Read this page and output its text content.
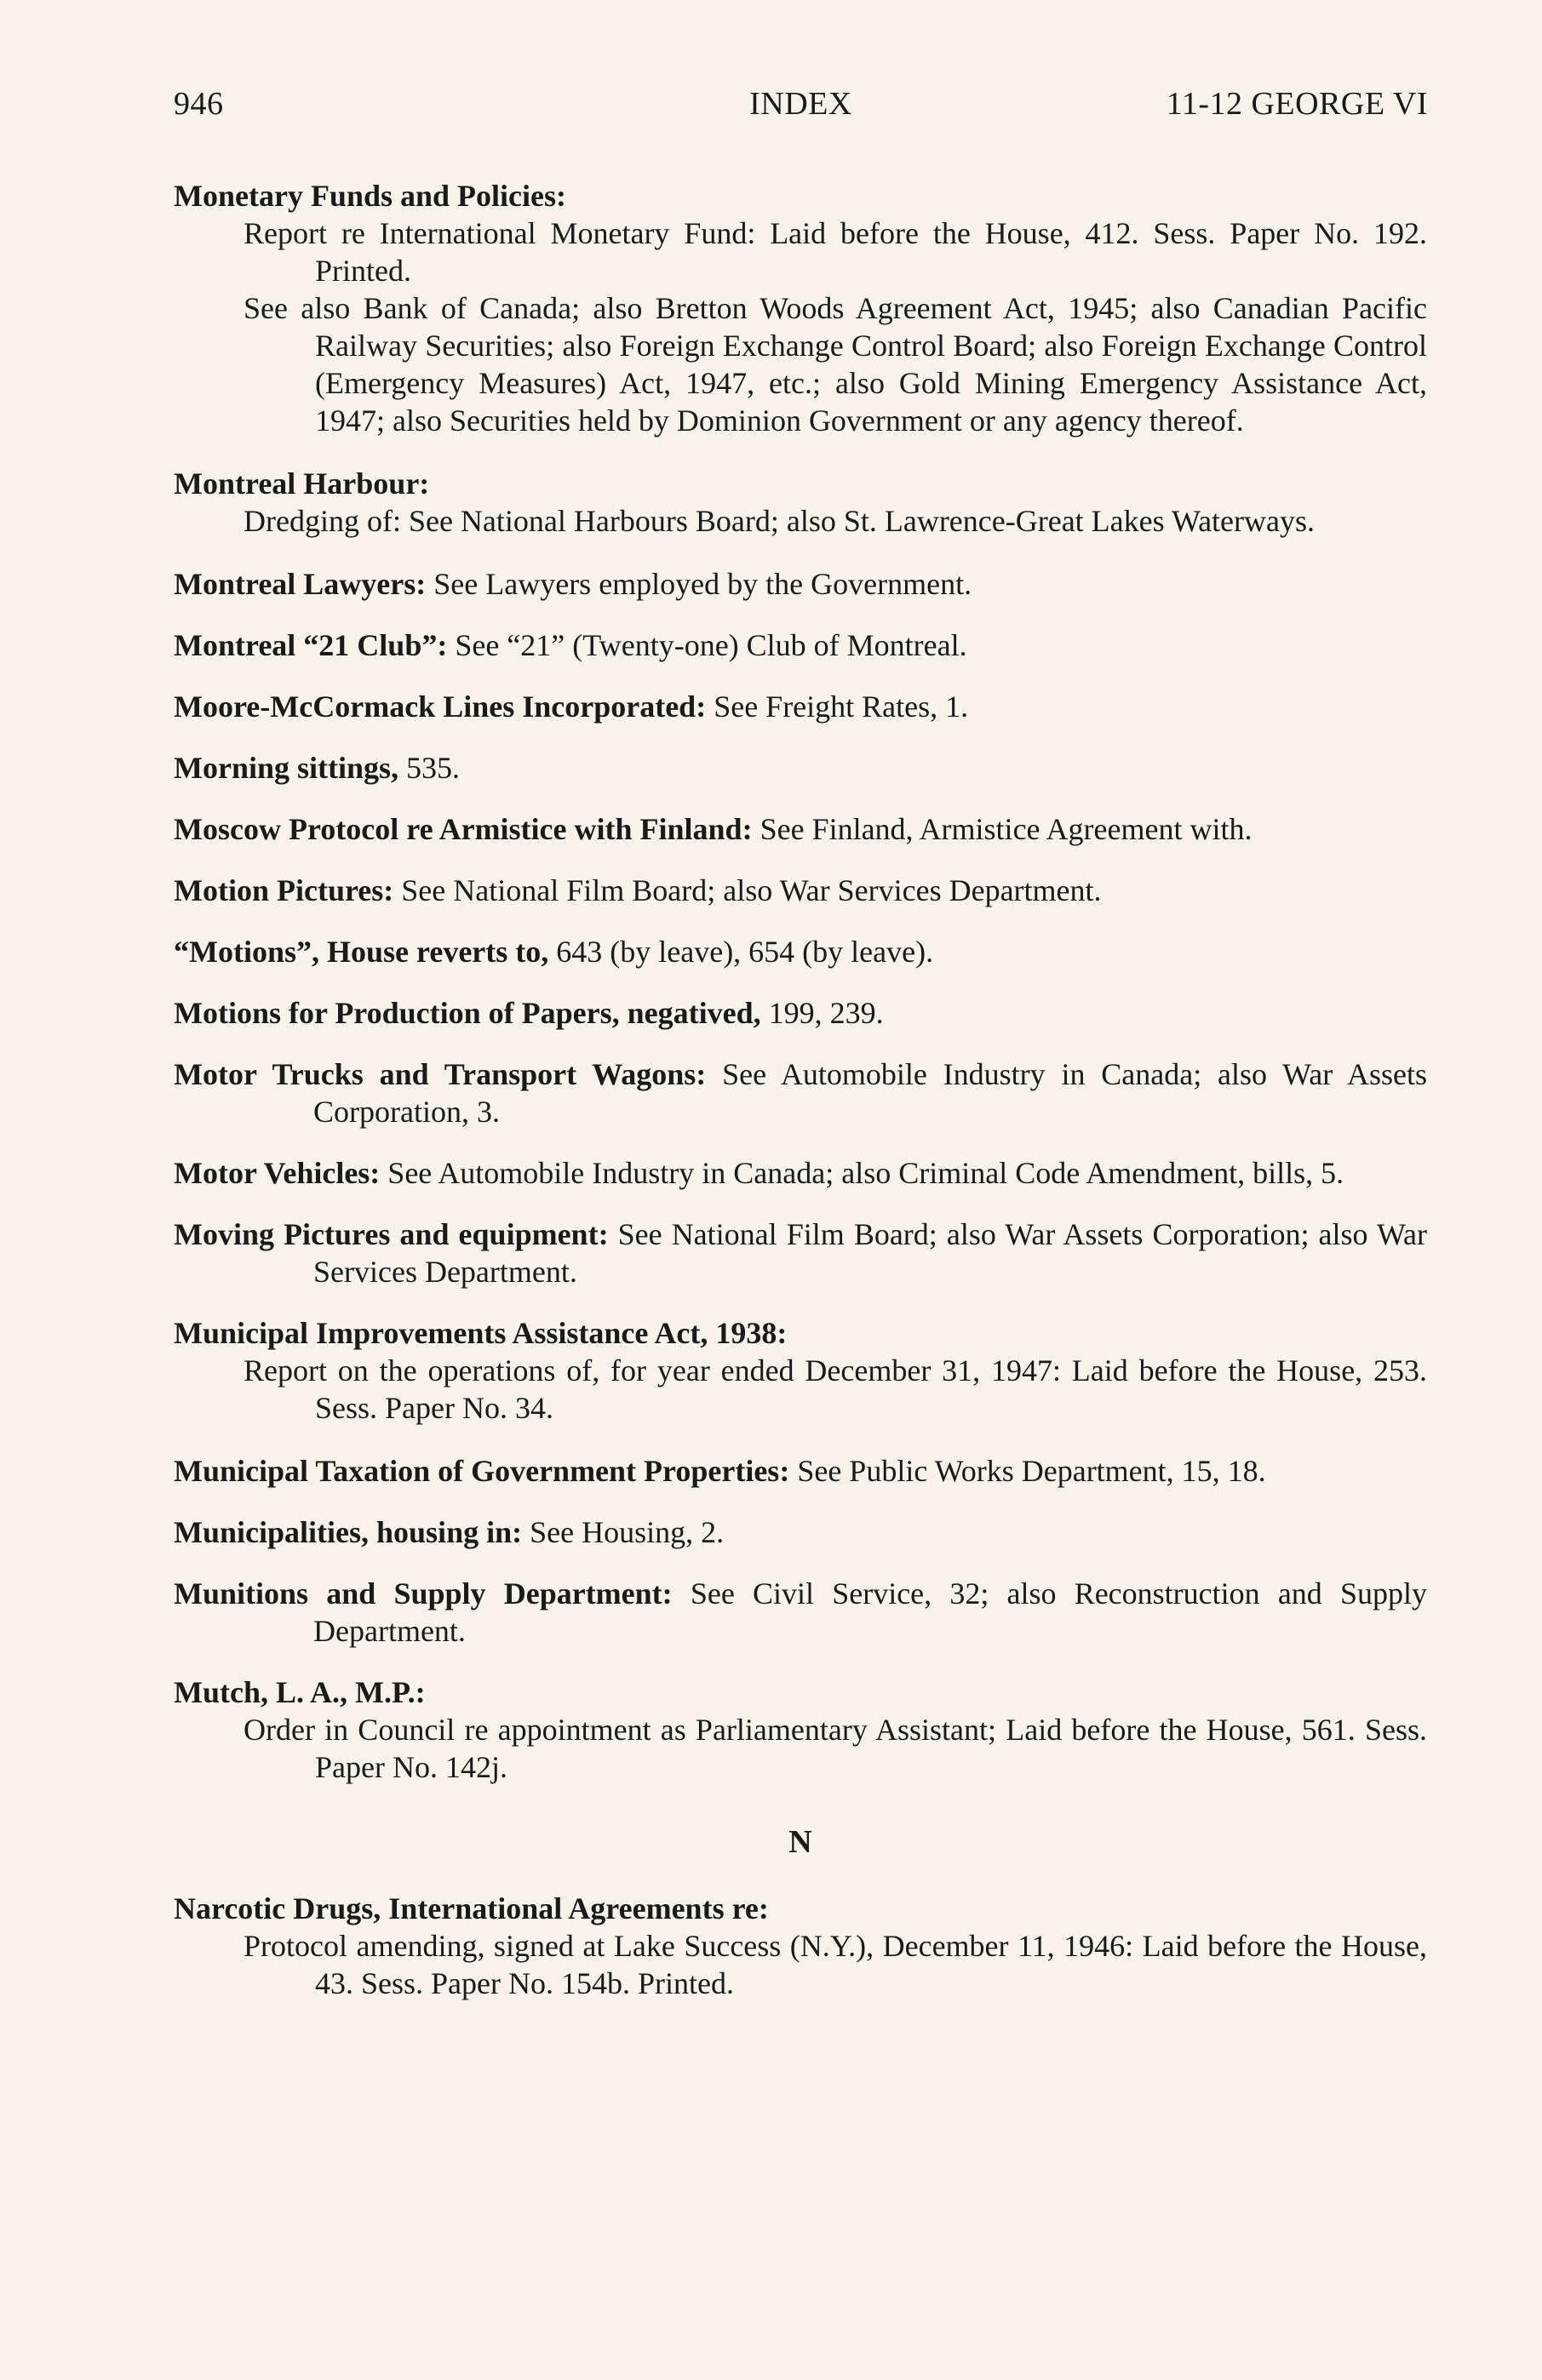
946	INDEX	11-12 GEORGE VI
Monetary Funds and Policies:
Report re International Monetary Fund: Laid before the House, 412. Sess. Paper No. 192. Printed.
See also Bank of Canada; also Bretton Woods Agreement Act, 1945; also Canadian Pacific Railway Securities; also Foreign Exchange Control Board; also Foreign Exchange Control (Emergency Measures) Act, 1947, etc.; also Gold Mining Emergency Assistance Act, 1947; also Securities held by Dominion Government or any agency thereof.
Montreal Harbour:
Dredging of: See National Harbours Board; also St. Lawrence-Great Lakes Waterways.
Montreal Lawyers: See Lawyers employed by the Government.
Montreal “21 Club”: See “21” (Twenty-one) Club of Montreal.
Moore-McCormack Lines Incorporated: See Freight Rates, 1.
Morning sittings, 535.
Moscow Protocol re Armistice with Finland: See Finland, Armistice Agreement with.
Motion Pictures: See National Film Board; also War Services Department.
“Motions”, House reverts to, 643 (by leave), 654 (by leave).
Motions for Production of Papers, negatived, 199, 239.
Motor Trucks and Transport Wagons: See Automobile Industry in Canada; also War Assets Corporation, 3.
Motor Vehicles: See Automobile Industry in Canada; also Criminal Code Amendment, bills, 5.
Moving Pictures and equipment: See National Film Board; also War Assets Corporation; also War Services Department.
Municipal Improvements Assistance Act, 1938:
Report on the operations of, for year ended December 31, 1947: Laid before the House, 253. Sess. Paper No. 34.
Municipal Taxation of Government Properties: See Public Works Department, 15, 18.
Municipalities, housing in: See Housing, 2.
Munitions and Supply Department: See Civil Service, 32; also Reconstruction and Supply Department.
Mutch, L. A., M.P.:
Order in Council re appointment as Parliamentary Assistant; Laid before the House, 561. Sess. Paper No. 142j.
N
Narcotic Drugs, International Agreements re:
Protocol amending, signed at Lake Success (N.Y.), December 11, 1946: Laid before the House, 43. Sess. Paper No. 154b. Printed.
